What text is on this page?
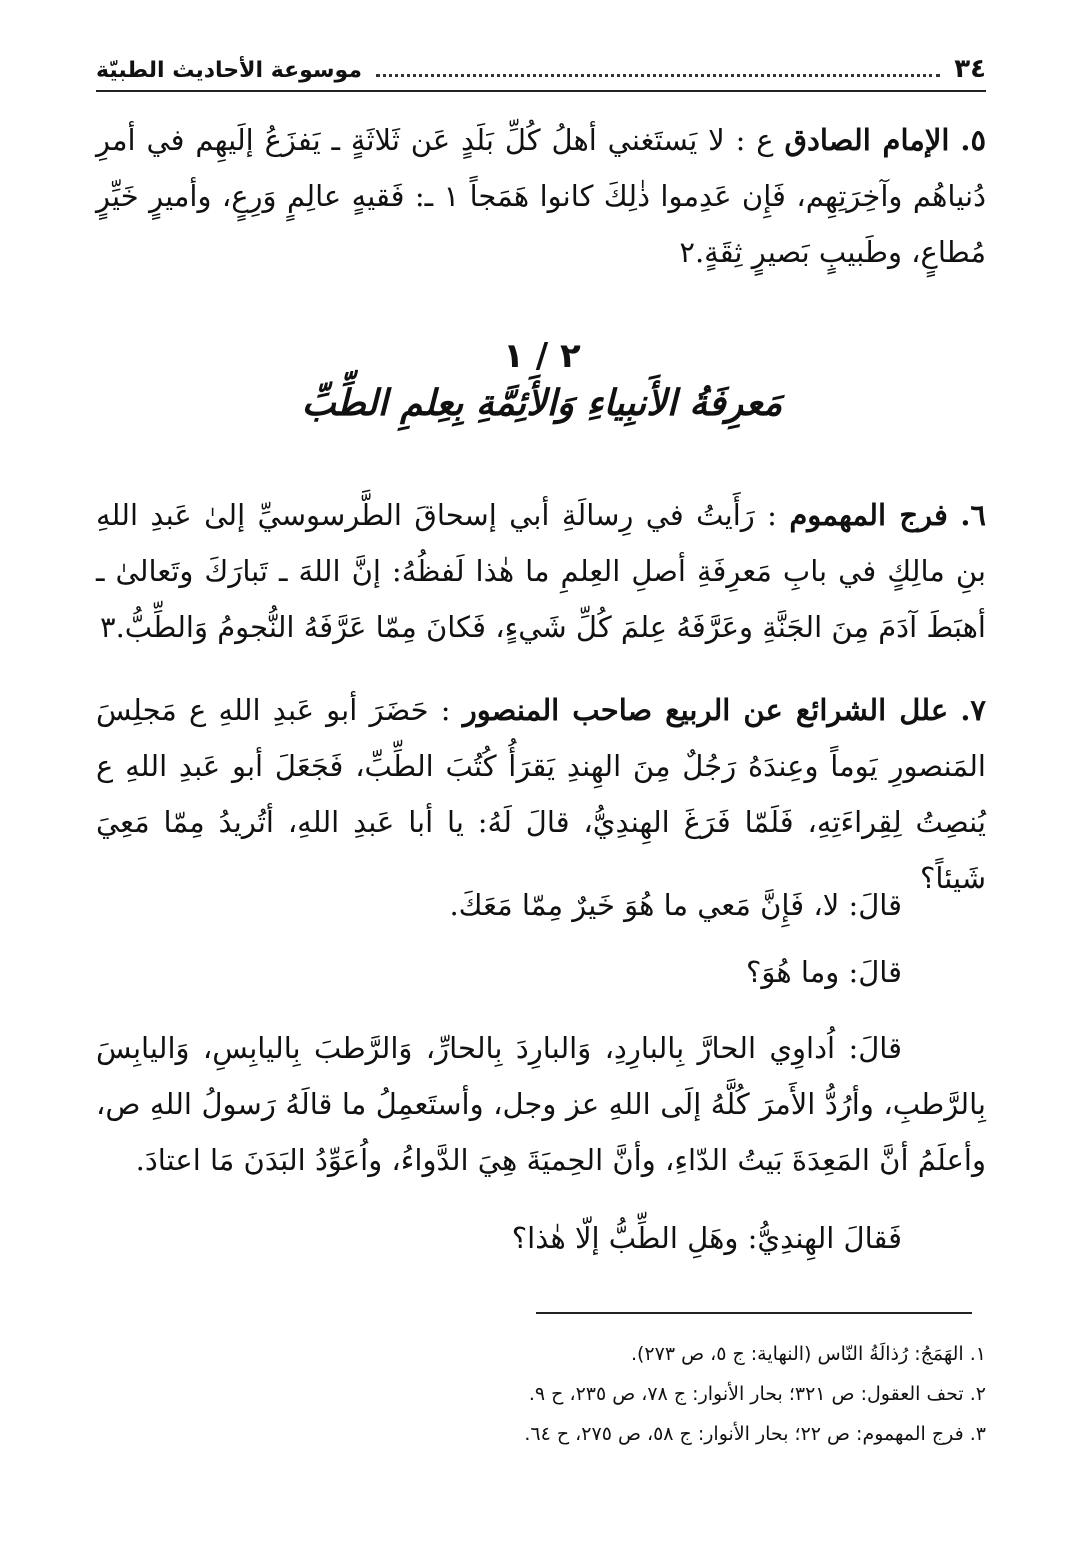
٣٤
موسوعة الأحاديث الطبيّة

٥. الإمام الصادق ع : لا يَستَغني أهلُ كُلِّ بَلَدٍ عَن ثَلاثَةٍ ـ يَفزَعُ إلَيهِم في أمرِ دُنياهُم وآخِرَتِهِم، فَإِن عَدِموا ذٰلِكَ كانوا هَمَجاً ١ ـ: فَقيهٍ عالِمٍ وَرِعٍ، وأميرٍ خَيِّرٍ مُطاعٍ، وطَبيبٍ بَصيرٍ ثِقَةٍ.٢

٢ / ١
مَعرِفَةُ الأَنبِياءِ وَالأَئِمَّةِ بِعِلمِ الطِّبِّ

٦. فرج المهموم : رَأَيتُ في رِسالَةِ أبي إسحاقَ الطَّرسوسيِّ إلىٰ عَبدِ اللهِ بنِ مالِكٍ في بابِ مَعرِفَةِ أصلِ العِلمِ ما هٰذا لَفظُهُ: إنَّ اللهَ ـ تَبارَكَ وتَعالىٰ ـ أهبَطَ آدَمَ مِنَ الجَنَّةِ وعَرَّفَهُ عِلمَ كُلِّ شَيءٍ، فَكانَ مِمّا عَرَّفَهُ النُّجومُ وَالطِّبُّ.٣

٧. علل الشرائع عن الربيع صاحب المنصور : حَضَرَ أبو عَبدِ اللهِ ع مَجلِسَ المَنصورِ يَوماً وعِندَهُ رَجُلٌ مِنَ الهِندِ يَقرَأُ كُتُبَ الطِّبِّ، فَجَعَلَ أبو عَبدِ اللهِ ع يُنصِتُ لِقِراءَتِهِ، فَلَمّا فَرَغَ الهِندِيُّ، قالَ لَهُ: يا أبا عَبدِ اللهِ، أتُريدُ مِمّا مَعِيَ شَيئاً؟

قالَ: لا، فَإِنَّ مَعي ما هُوَ خَيرٌ مِمّا مَعَكَ.

قالَ: وما هُوَ؟

قالَ: اُداوِي الحارَّ بِالبارِدِ، وَالبارِدَ بِالحارِّ، وَالرَّطبَ بِاليابِسِ، وَاليابِسَ بِالرَّطبِ، وأرُدُّ الأَمرَ كُلَّهُ إلَى اللهِ عز وجل، وأستَعمِلُ ما قالَهُ رَسولُ اللهِ ص، وأعلَمُ أنَّ المَعِدَةَ بَيتُ الدّاءِ، وأنَّ الحِميَةَ هِيَ الدَّواءُ، واُعَوِّدُ البَدَنَ مَا اعتادَ.

فَقالَ الهِندِيُّ: وهَلِ الطِّبُّ إلّا هٰذا؟

١. الهَمَجُ: رُذالَةُ النّاس (النهاية: ج ٥، ص ٢٧٣).
٢. تحف العقول: ص ٣٢١؛ بحار الأنوار: ج ٧٨، ص ٢٣٥، ح ٩.
٣. فرج المهموم: ص ٢٢؛ بحار الأنوار: ج ٥٨، ص ٢٧٥، ح ٦٤.
